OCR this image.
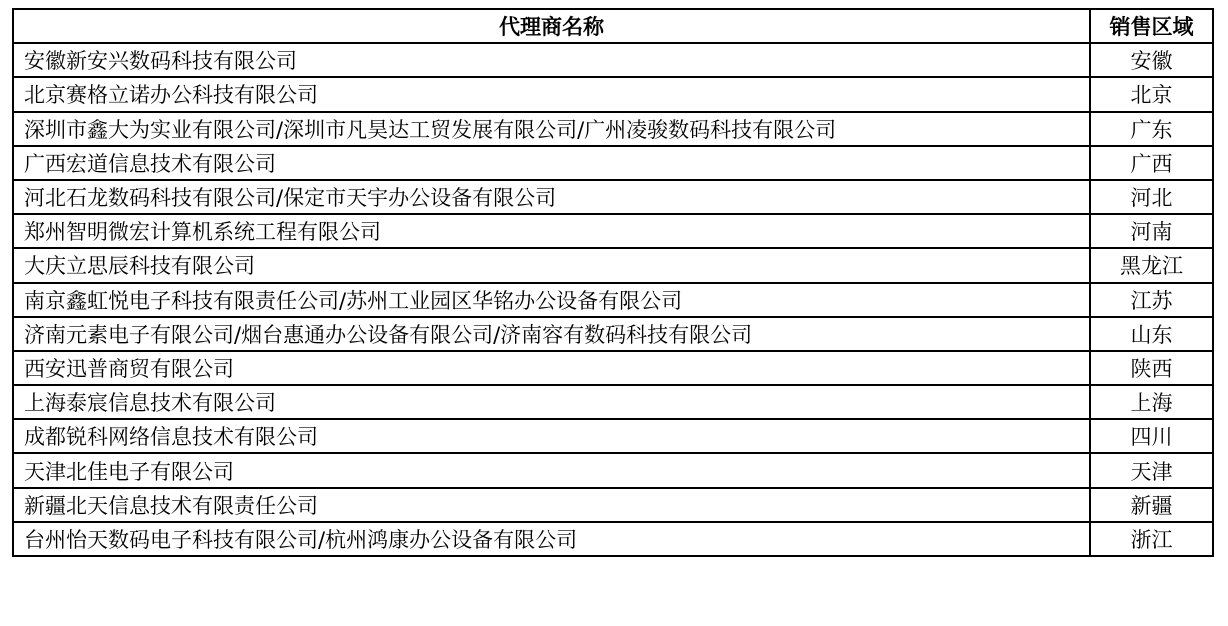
代理商名称	销售区域
安徽新安兴数码科技有限公司	安徽
北京赛格立诺办公科技有限公司	北京
深圳市鑫大为实业有限公司/深圳市凡昊达工贸发展有限公司/广州凌骏数码科技有限公司	广东
广西宏道信息技术有限公司	广西
河北石龙数码科技有限公司/保定市天宇办公设备有限公司	河北
郑州智明微宏计算机系统工程有限公司	河南
大庆立思辰科技有限公司	黑龙江
南京鑫虹悦电子科技有限责任公司/苏州工业园区华铭办公设备有限公司	江苏
济南元素电子有限公司/烟台惠通办公设备有限公司/济南容有数码科技有限公司	山东
西安迅普商贸有限公司	陕西
上海泰宸信息技术有限公司	上海
成都锐科网络信息技术有限公司	四川
天津北佳电子有限公司	天津
新疆北天信息技术有限责任公司	新疆
台州怡天数码电子科技有限公司/杭州鸿康办公设备有限公司	浙江
